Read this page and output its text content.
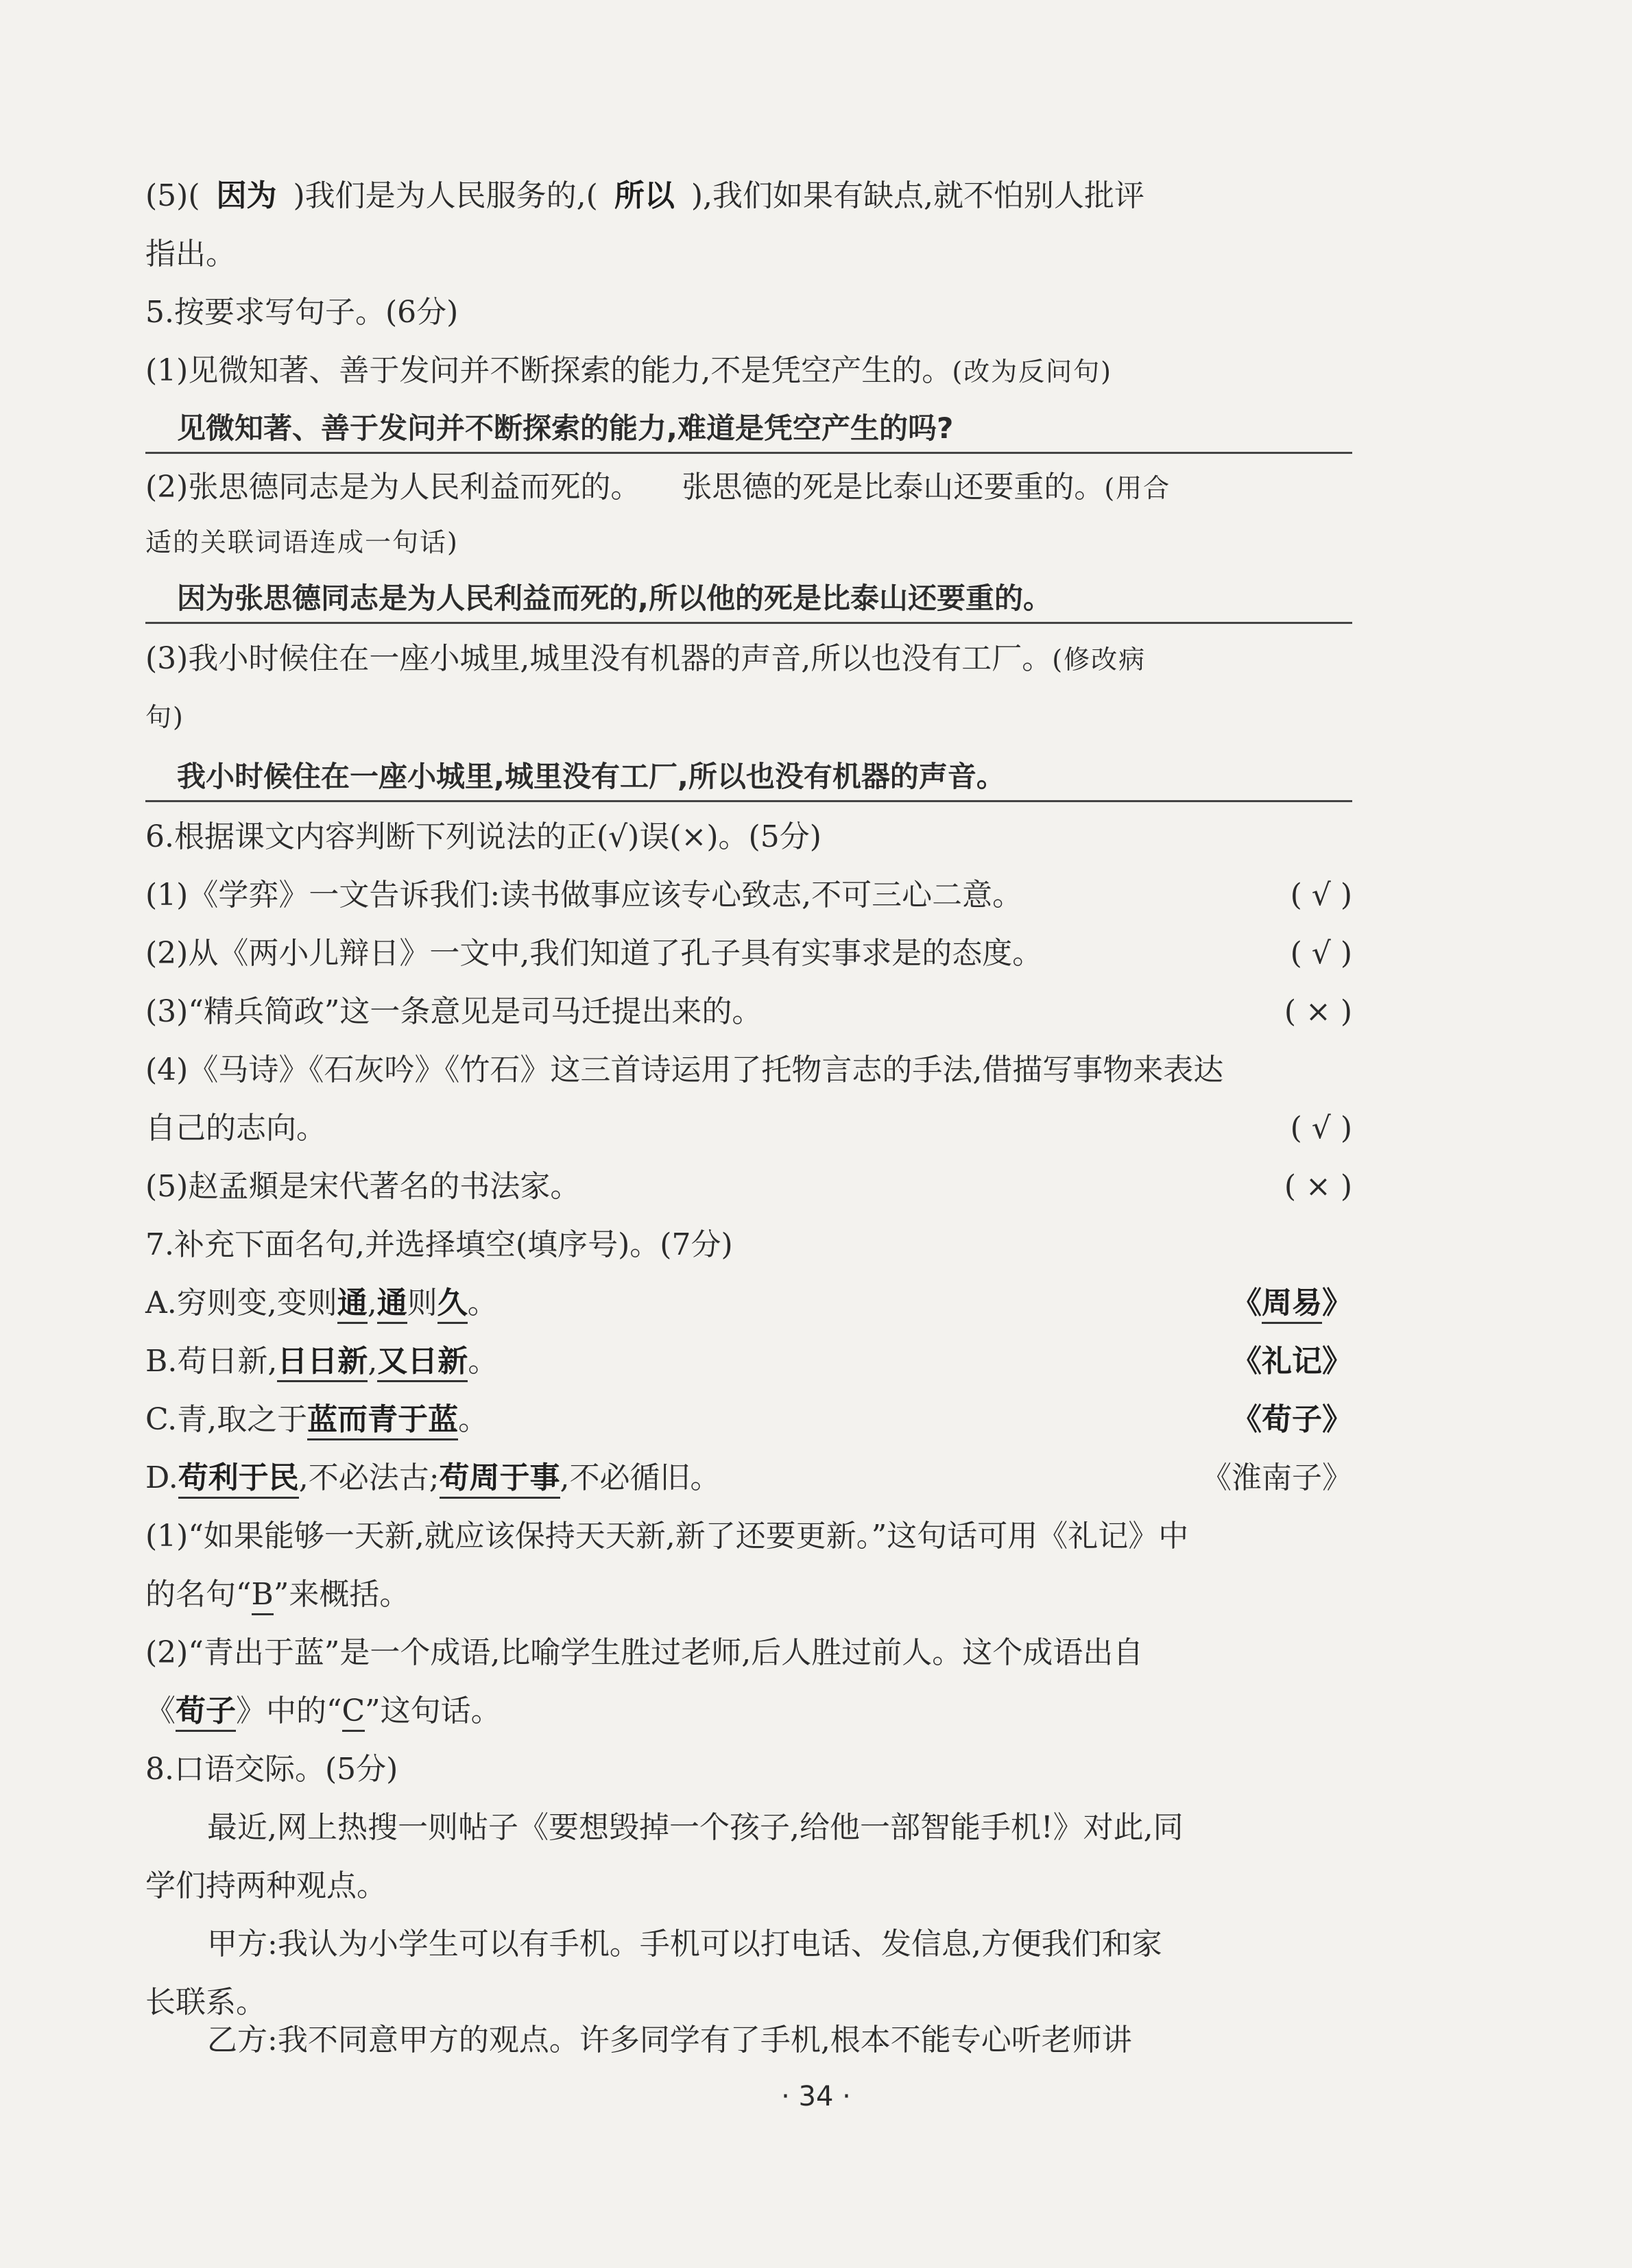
(5)( 因为 )我们是为人民服务的,( 所以 ),我们如果有缺点,就不怕别人批评
指出。
5.按要求写句子。(6分)
(1)见微知著、善于发问并不断探索的能力,不是凭空产生的。(改为反问句)
见微知著、善于发问并不断探索的能力,难道是凭空产生的吗?
(2)张思德同志是为人民利益而死的。 张思德的死是比泰山还要重的。(用合
适的关联词语连成一句话)
因为张思德同志是为人民利益而死的,所以他的死是比泰山还要重的。
(3)我小时候住在一座小城里,城里没有机器的声音,所以也没有工厂。(修改病
句)
我小时候住在一座小城里,城里没有工厂,所以也没有机器的声音。
6.根据课文内容判断下列说法的正(√)误(×)。(5分)
(1)《学弈》一文告诉我们:读书做事应该专心致志,不可三心二意。	( √ )
(2)从《两小儿辩日》一文中,我们知道了孔子具有实事求是的态度。	( √ )
(3)“精兵简政”这一条意见是司马迁提出来的。	( × )
(4)《马诗》《石灰吟》《竹石》这三首诗运用了托物言志的手法,借描写事物来表达
自己的志向。	( √ )
(5)赵孟頫是宋代著名的书法家。	( × )
7.补充下面名句,并选择填空(填序号)。(7分)
A.穷则变,变则通,通则久。	《周易》
B.苟日新,日日新,又日新。	《礼记》
C.青,取之于蓝而青于蓝。	《荀子》
D.苟利于民,不必法古;苟周于事,不必循旧。	《淮南子》
(1)“如果能够一天新,就应该保持天天新,新了还要更新。”这句话可用《礼记》中
的名句“B”来概括。
(2)“青出于蓝”是一个成语,比喻学生胜过老师,后人胜过前人。这个成语出自
《荀子》中的“C”这句话。
8.口语交际。(5分)
最近,网上热搜一则帖子《要想毁掉一个孩子,给他一部智能手机!》对此,同
学们持两种观点。
甲方:我认为小学生可以有手机。手机可以打电话、发信息,方便我们和家
长联系。
乙方:我不同意甲方的观点。许多同学有了手机,根本不能专心听老师讲
· 34 ·
